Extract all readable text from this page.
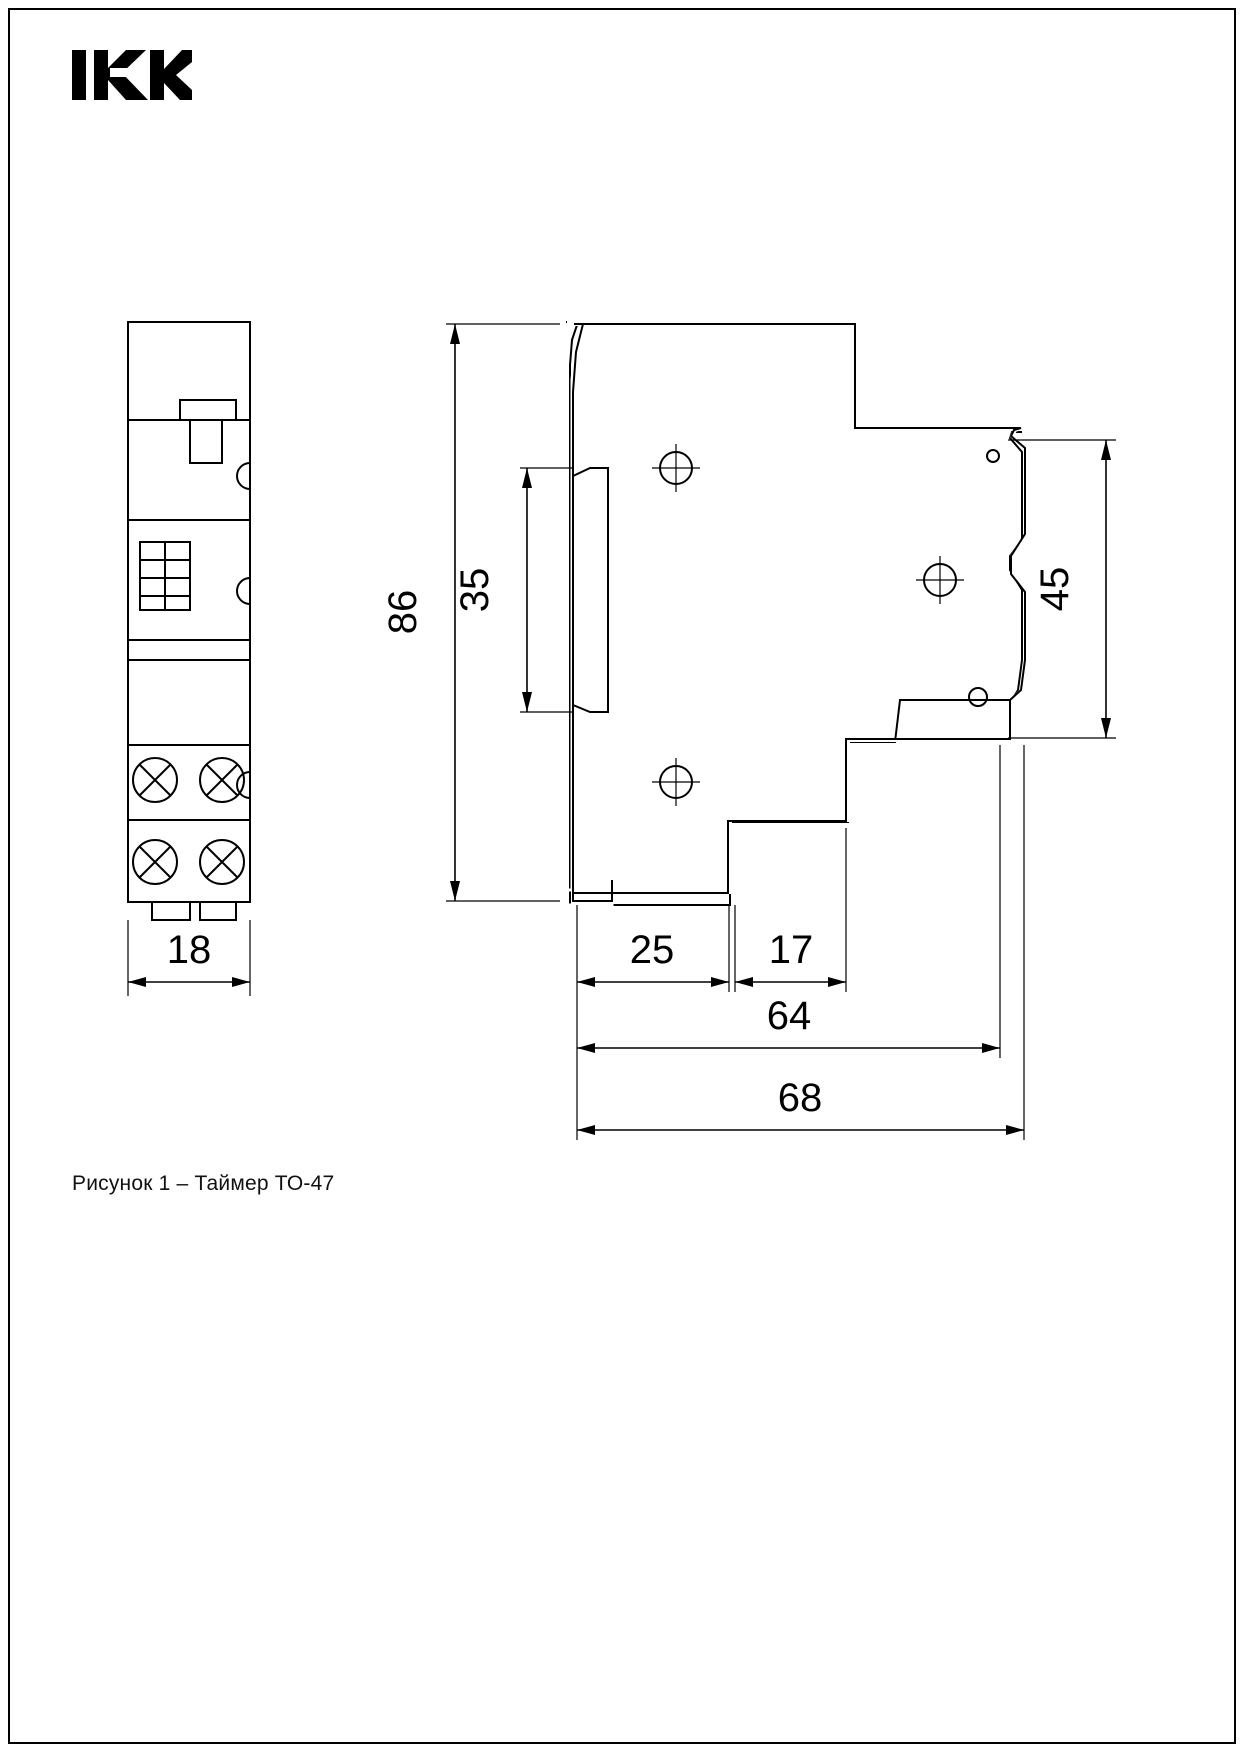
18
86 35	45
25 17
64
68
Рисунок 1 – Таймер ТО-47
